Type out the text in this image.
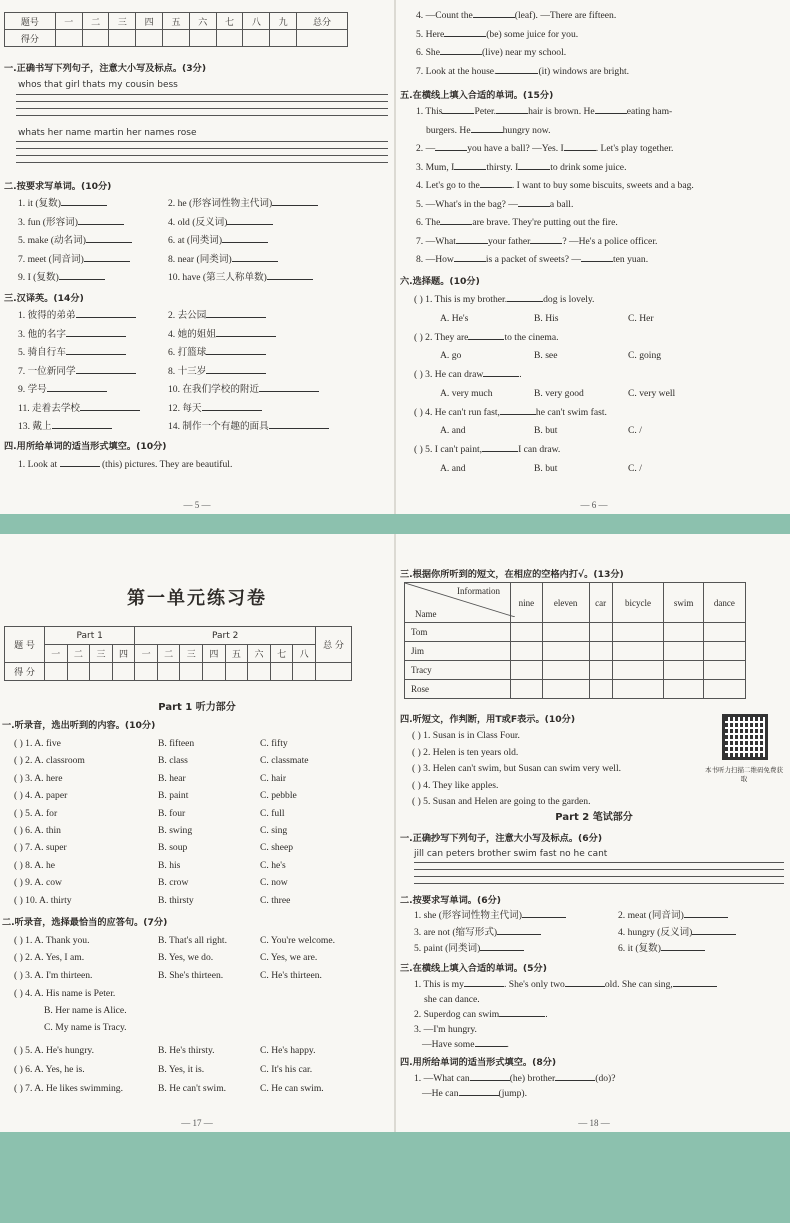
题号	一	二	三	四	五	六	七	八	九	总分
得分										
一.正确书写下列句子，注意大小写及标点。(3分)
whos that girl thats my cousin bess
whats her name martin her names rose
二.按要求写单词。(10分)
1. it (复数)	2. he (形容词性物主代词)
3. fun (形容词)	4. old (反义词)
5. make (动名词)	6. at (同类词)
7. meet (同音词)	8. near (同类词)
9. I (复数)	10. have (第三人称单数)
三.汉译英。(14分)
1. 彼得的弟弟	2. 去公园
3. 他的名字	4. 她的姐姐
5. 骑自行车	6. 打篮球
7. 一位新同学	8. 十三岁
9. 学号	10. 在我们学校的附近
11. 走着去学校	12. 每天
13. 戴上	14. 制作一个有趣的面具
四.用所给单词的适当形式填空。(10分)
1. Look at	(this) pictures. They are beautiful.
— 5 —
4. —Count the	(leaf). —There are fifteen.
5. Here	(be) some juice for you.
6. She	(live) near my school.
7. Look at the house.	(it) windows are bright.
五.在横线上填入合适的单词。(15分)
1. This	Peter.	hair is brown. He	eating ham-
burgers. He	hungry now.
2. —	you have a ball? —Yes. I	. Let's play together.
3. Mum, I	thirsty. I	to drink some juice.
4. Let's go to the	. I want to buy some biscuits, sweets and a bag.
5. —What's in the bag? —	a ball.
6. The	are brave. They're putting out the fire.
7. —What	your father	? —He's a police officer.
8. —How	is a packet of sweets? —	ten yuan.
六.选择题。(10分)
( ) 1. This is my brother.	dog is lovely.
A. He's	B. His	C. Her
( ) 2. They are	to the cinema.
A. go	B. see	C. going
( ) 3. He can draw	.
A. very much	B. very good	C. very well
( ) 4. He can't run fast,	he can't swim fast.
A. and	B. but	C. /
( ) 5. I can't paint,	I can draw.
A. and	B. but	C. /
— 6 —
第一单元练习卷
题 号	Part 1				Part 2								总 分
	一	二	三	四	一	二	三	四	五	六	七	八	
得 分													
Part 1 听力部分
一.听录音，选出听到的内容。(10分)
( ) 1. A. five	B. fifteen	C. fifty
( ) 2. A. classroom	B. class	C. classmate
( ) 3. A. here	B. hear	C. hair
( ) 4. A. paper	B. paint	C. pebble
( ) 5. A. for	B. four	C. full
( ) 6. A. thin	B. swing	C. sing
( ) 7. A. super	B. soup	C. sheep
( ) 8. A. he	B. his	C. he's
( ) 9. A. cow	B. crow	C. now
( ) 10. A. thirty	B. thirsty	C. three
二.听录音，选择最恰当的应答句。(7分)
( ) 1. A. Thank you.	B. That's all right.	C. You're welcome.
( ) 2. A. Yes, I am.	B. Yes, we do.	C. Yes, we are.
( ) 3. A. I'm thirteen.	B. She's thirteen.	C. He's thirteen.
( ) 4. A. His name is Peter.
B. Her name is Alice.
C. My name is Tracy.
( ) 5. A. He's hungry.	B. He's thirsty.	C. He's happy.
( ) 6. A. Yes, he is.	B. Yes, it is.	C. It's his car.
( ) 7. A. He likes swimming.	B. He can't swim.	C. He can swim.
— 17 —
三.根据你所听到的短文，在相应的空格内打√。(13分)
Information
Name	nine	eleven	car	bicycle	swim	dance
Tom						
Jim						
Tracy						
Rose						
四.听短文，作判断，用T或F表示。(10分)
( ) 1. Susan is in Class Four.
( ) 2. Helen is ten years old.
( ) 3. Helen can't swim, but Susan can swim very well.
( ) 4. They like apples.
( ) 5. Susan and Helen are going to the garden.
本书听力扫描二维码免费获取
Part 2 笔试部分
一.正确抄写下列句子，注意大小写及标点。(6分)
jill can peters brother swim fast no he cant
二.按要求写单词。(6分)
1. she (形容词性物主代词)	2. meat (同音词)
3. are not (缩写形式)	4. hungry (反义词)
5. paint (同类词)	6. it (复数)
三.在横线上填入合适的单词。(5分)
1. This is my	. She's only two	old. She can sing,
she can dance.
2. Superdog can swim	.
3. —I'm hungry.
—Have some	.
四.用所给单词的适当形式填空。(8分)
1. —What can	(he) brother	(do)?
—He can	(jump).
— 18 —
